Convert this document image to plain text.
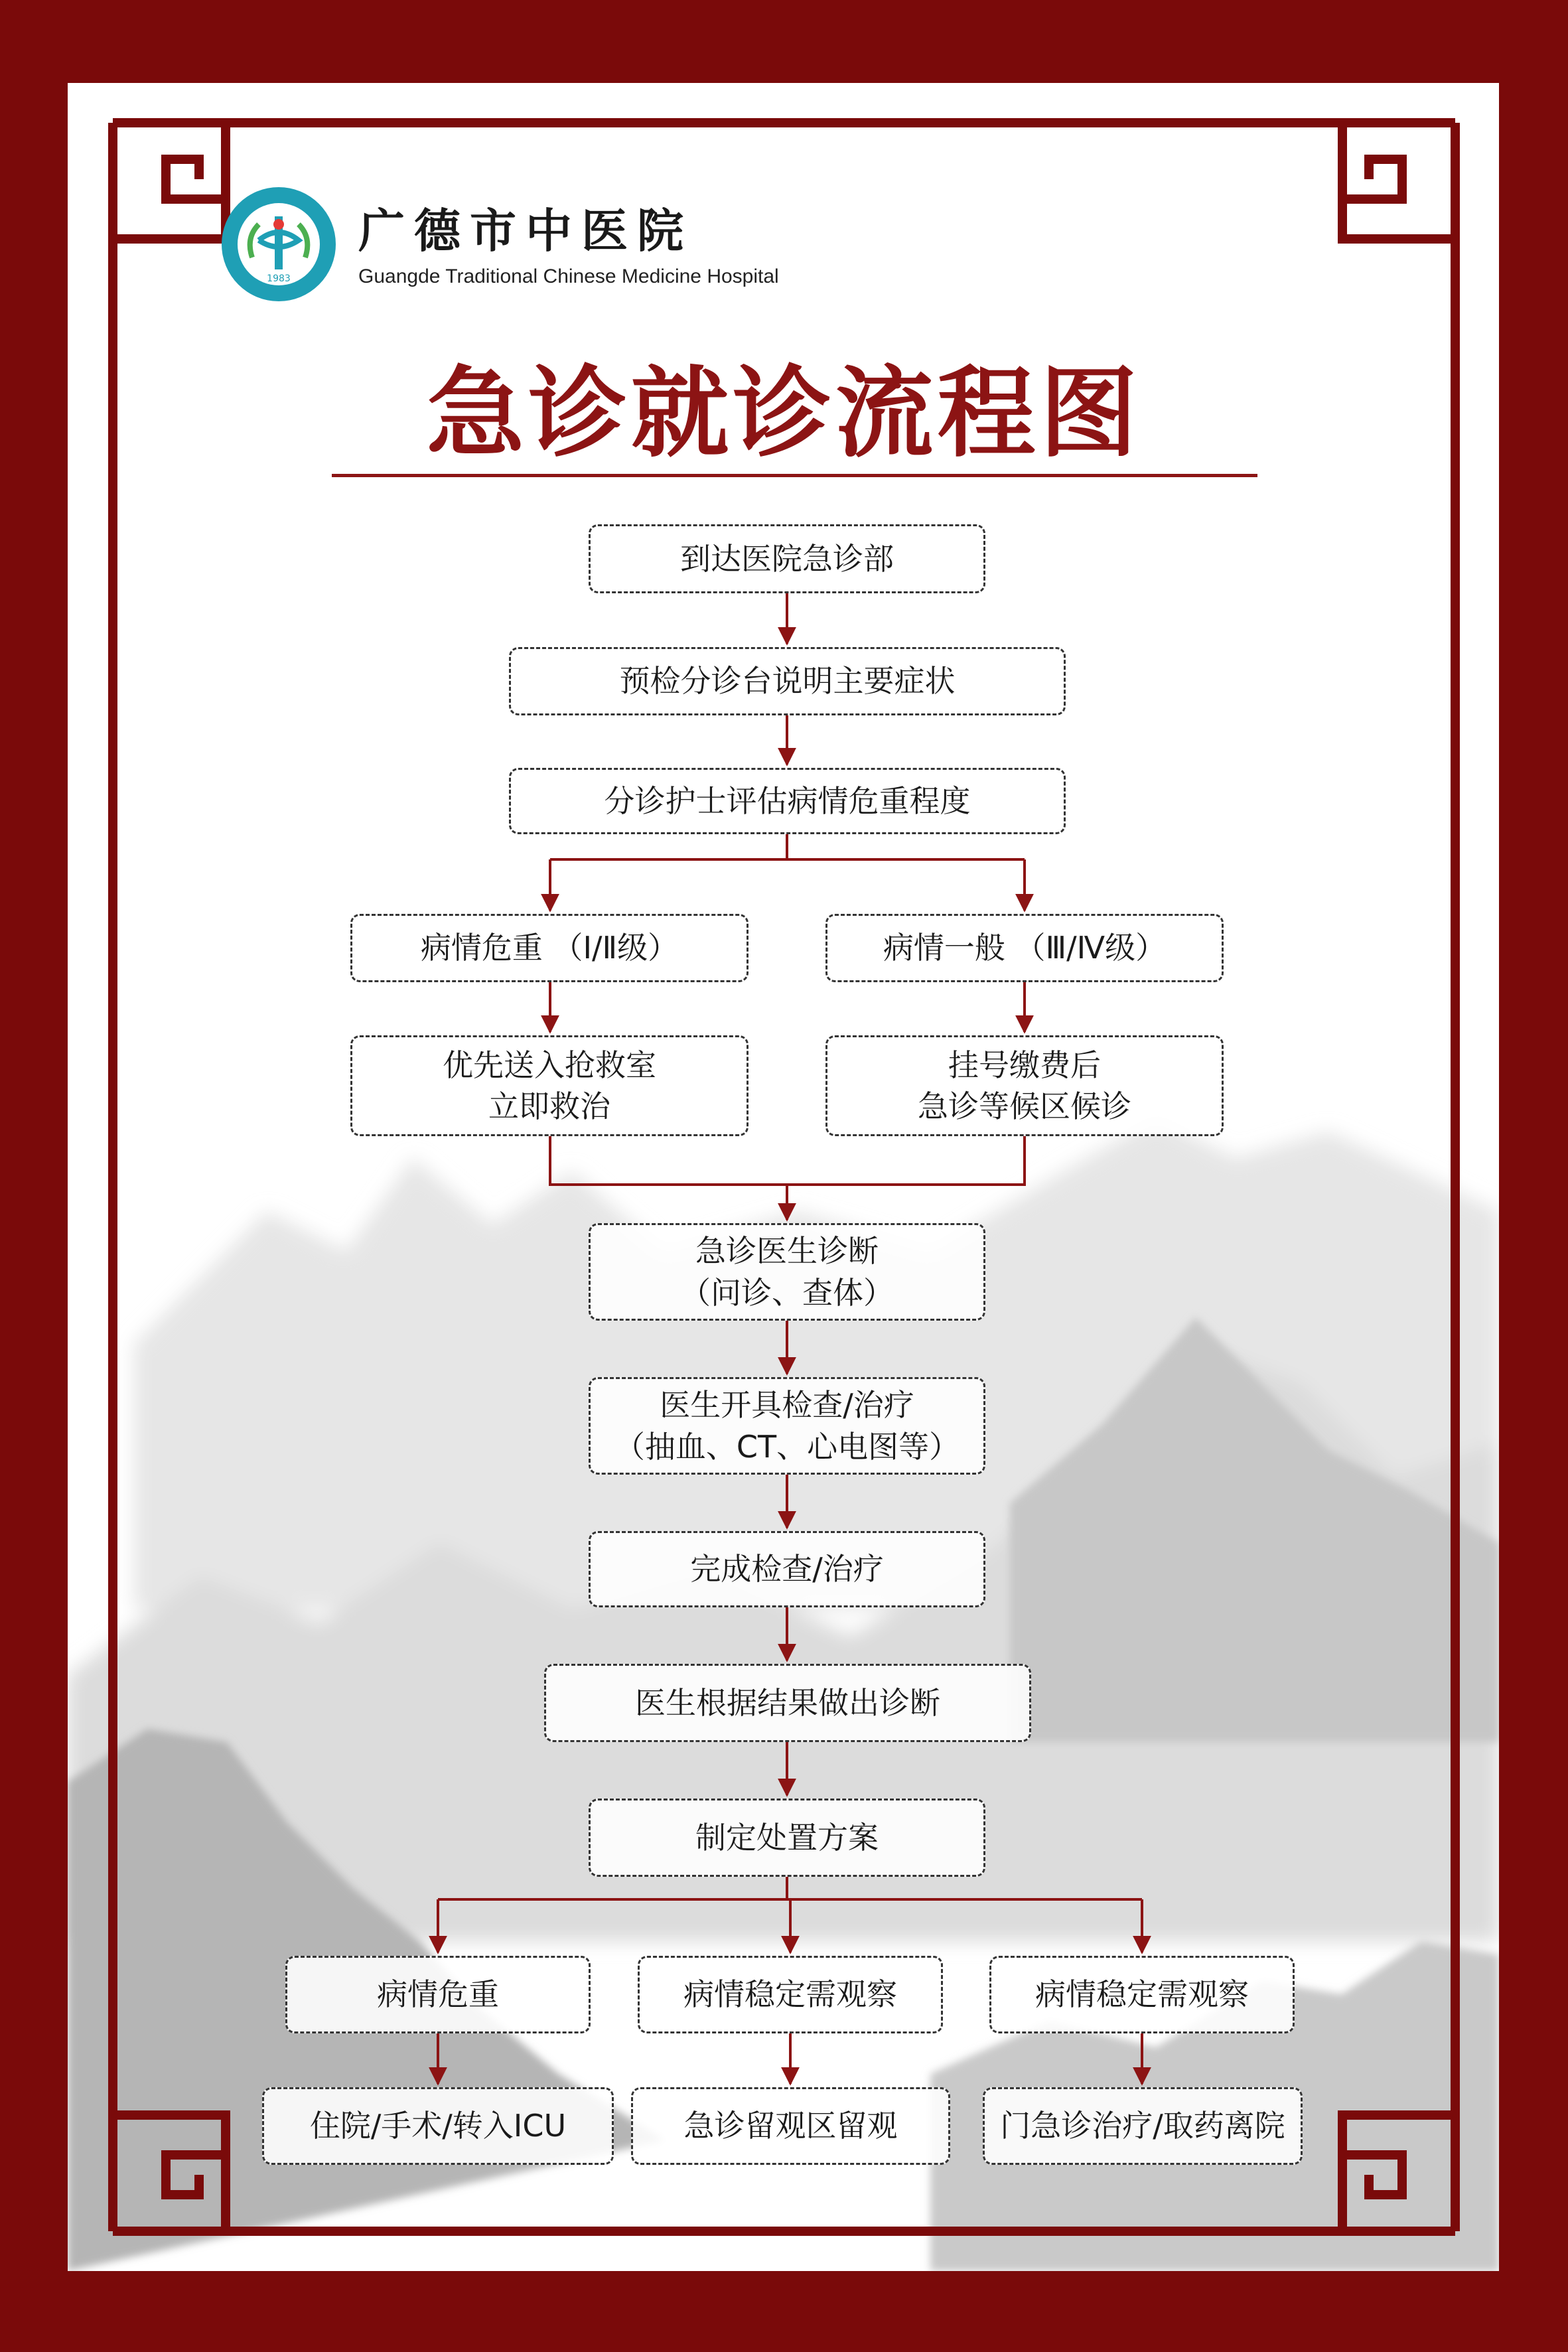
1983
广德市中医院
Guangde Traditional Chinese Medicine Hospital
急诊就诊流程图
到达医院急诊部
预检分诊台说明主要症状
分诊护士评估病情危重程度
病情危重 （Ⅰ/Ⅱ级）	病情一般 （Ⅲ/Ⅳ级）
优先送入抢救室
立即救治
挂号缴费后
急诊等候区候诊
急诊医生诊断
（问诊、查体）
医生开具检查/治疗
（抽血、CT、心电图等）
完成检查/治疗
医生根据结果做出诊断
制定处置方案
病情危重	病情稳定需观察	病情稳定需观察
住院/手术/转入ICU	急诊留观区留观	门急诊治疗/取药离院
